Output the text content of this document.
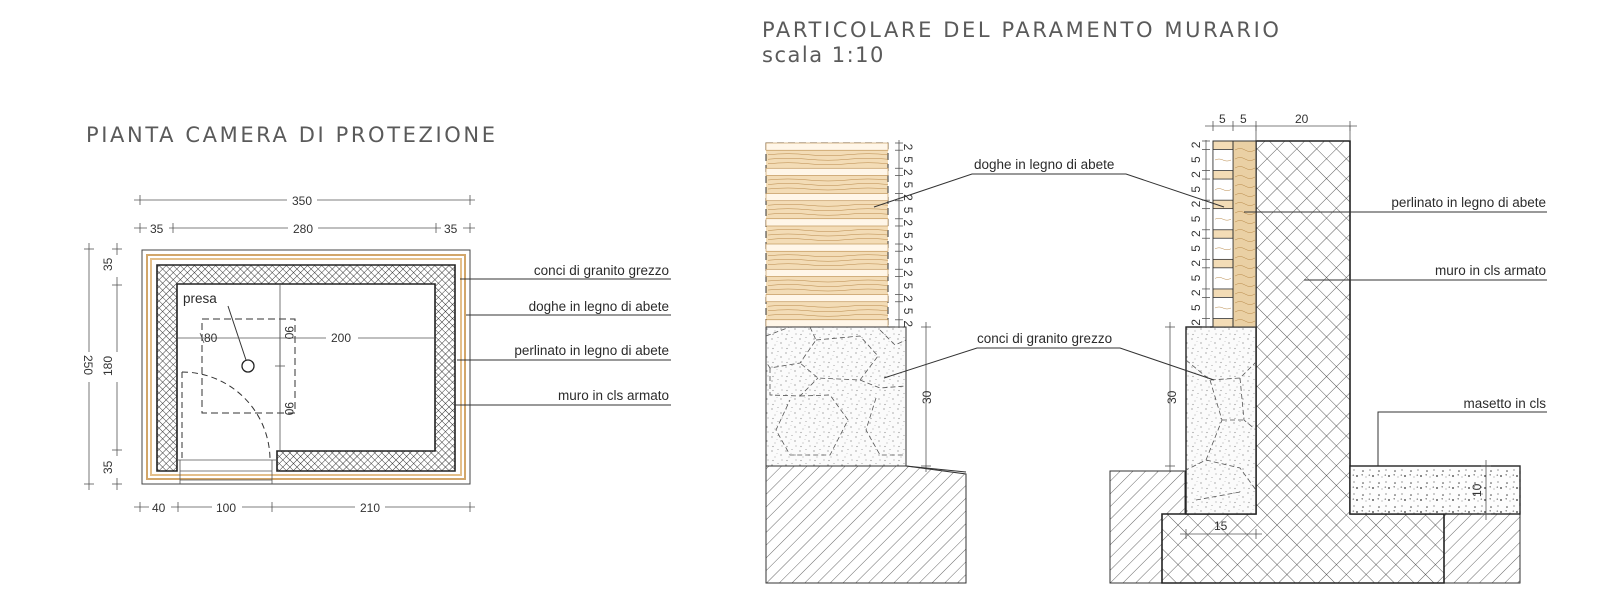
PIANTA CAMERA DI PROTEZIONE
presa
80	200
90
90
350
35	280	35
40	100	210
250
35
180
35
conci di granito grezzo
doghe in legno di abete
perlinato in legno di abete
muro in cls armato
PARTICOLARE DEL PARAMENTO MURARIO
scala 1:10
2
5
2
5
2
5
2
5
2
5
2
5
2
5
2
30
2
5
2
5
2
5
2
5
2
5
2
5
2
30
5 5	20
15
10
doghe in legno di abete
conci di granito grezzo
perlinato in legno di abete
muro in cls armato
masetto in cls
